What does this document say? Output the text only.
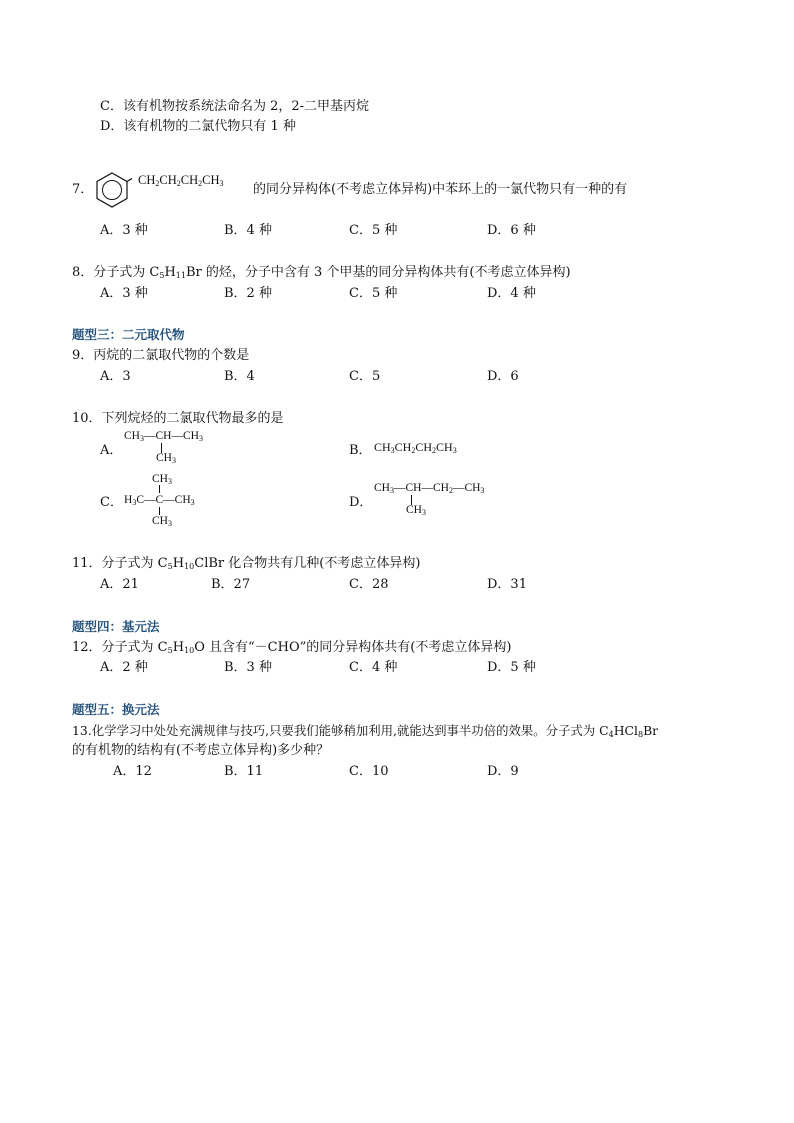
C．该有机物按系统法命名为 2，2-二甲基丙烷
D．该有机物的二氯代物只有 1 种
7．
$CH_2CH_2CH_2CH_3$ 的同分异构体(不考虑立体异构)中苯环上的一氯代物只有一种的有
A．3 种	B．4 种	C．5 种	D．6 种
8．分子式为 $C_5H_{11}Br$ 的烃，分子中含有 3 个甲基的同分异构体共有(不考虑立体异构)
A．3 种	B．2 种	C．5 种	D．4 种
题型三：二元取代物
9．丙烷的二氯取代物的个数是
A．3	B．4	C．5	D．6
10．下列烷烃的二氯取代物最多的是
A．
$CH_3—CH—CH_3$
$CH_3$
B． $CH_3CH_2CH_2CH_3$
C．
$CH_3$
$H_3C—C—CH_3$
$CH_3$
D．
$CH_3—CH—CH_2—CH_3$
$CH_3$
11．分子式为 $C_5H_{10}ClBr$ 化合物共有几种(不考虑立体异构)
A．21	B．27	C．28	D．31
题型四：基元法
12．分子式为 $C_5H_{10}O$ 且含有“－CHO”的同分异构体共有(不考虑立体异构)
A．2 种	B．3 种	C．4 种	D．5 种
题型五：换元法
13.化学学习中处处充满规律与技巧,只要我们能够稍加利用,就能达到事半功倍的效果。分子式为 $C_4HCl_8Br$
的有机物的结构有(不考虑立体异构)多少种？
A．12	B．11	C．10	D．9
